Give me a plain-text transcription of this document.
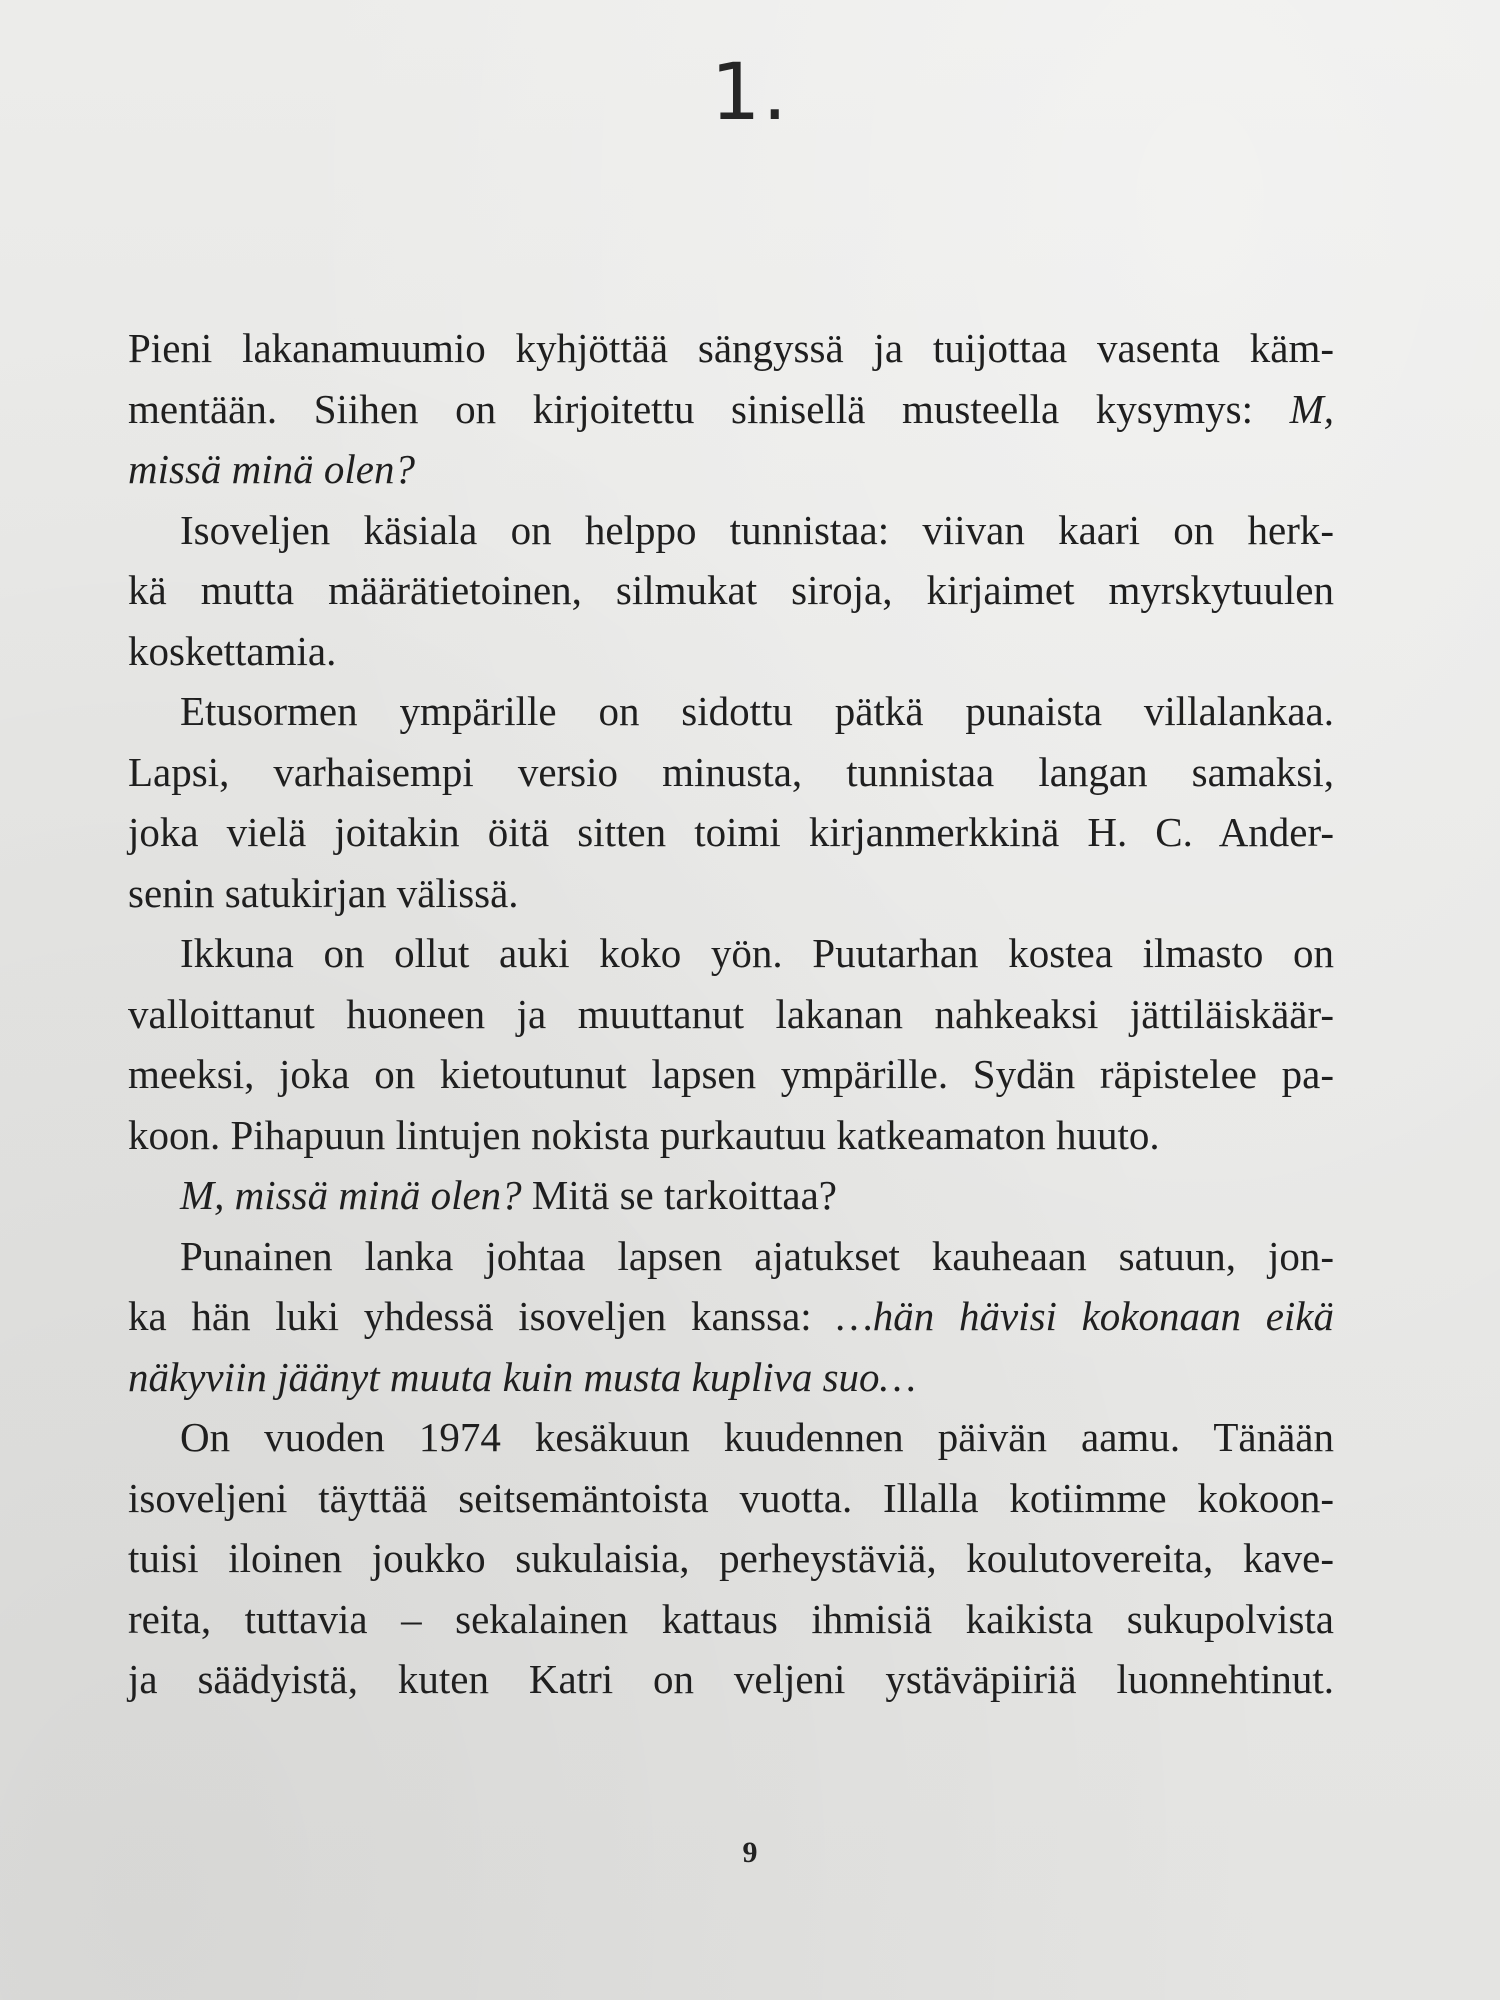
1.
Pieni lakanamuumio kyhjöttää sängyssä ja tuijottaa vasenta käm-
mentään. Siihen on kirjoitettu sinisellä musteella kysymys: M,
missä minä olen?
Isoveljen käsiala on helppo tunnistaa: viivan kaari on herk-
kä mutta määrätietoinen, silmukat siroja, kirjaimet myrskytuulen
koskettamia.
Etusormen ympärille on sidottu pätkä punaista villalankaa.
Lapsi, varhaisempi versio minusta, tunnistaa langan samaksi,
joka vielä joitakin öitä sitten toimi kirjanmerkkinä H. C. Ander-
senin satukirjan välissä.
Ikkuna on ollut auki koko yön. Puutarhan kostea ilmasto on
valloittanut huoneen ja muuttanut lakanan nahkeaksi jättiläiskäär-
meeksi, joka on kietoutunut lapsen ympärille. Sydän räpistelee pa-
koon. Pihapuun lintujen nokista purkautuu katkeamaton huuto.
M, missä minä olen? Mitä se tarkoittaa?
Punainen lanka johtaa lapsen ajatukset kauheaan satuun, jon-
ka hän luki yhdessä isoveljen kanssa: …hän hävisi kokonaan eikä
näkyviin jäänyt muuta kuin musta kupliva suo…
On vuoden 1974 kesäkuun kuudennen päivän aamu. Tänään
isoveljeni täyttää seitsemäntoista vuotta. Illalla kotiimme kokoon-
tuisi iloinen joukko sukulaisia, perheystäviä, koulutovereita, kave-
reita, tuttavia – sekalainen kattaus ihmisiä kaikista sukupolvista
ja säädyistä, kuten Katri on veljeni ystäväpiiriä luonnehtinut.
9
